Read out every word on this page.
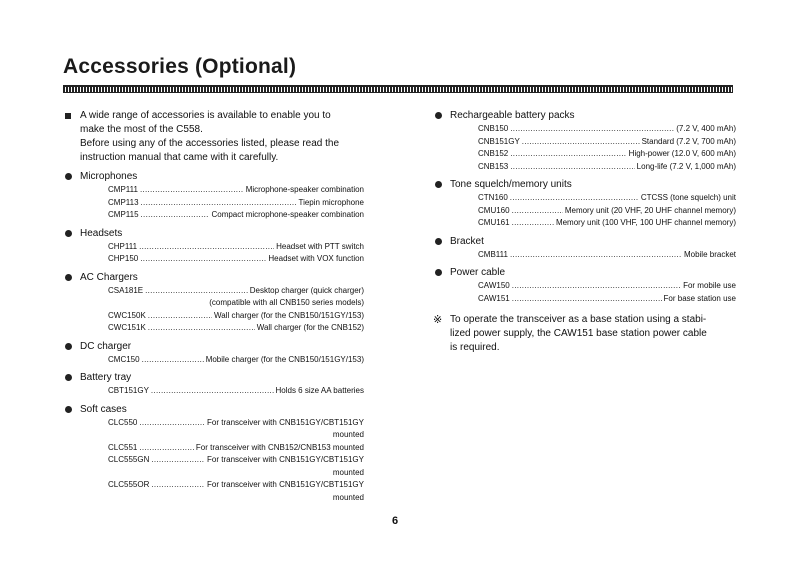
Accessories (Optional)

A wide range of accessories is available to enable you to

make the most of the C558.

Before using any of the accessories listed, please read the

instruction manual that came with it carefully.

Microphones
CMP111 .....	Microphone-speaker combination
CMP113 .....	Tiepin microphone
CMP115 .....	Compact microphone-speaker combination
Headsets
CHP111 .....	Headset with PTT switch
CHP150 .....	Headset with VOX function
AC Chargers
CSA181E .....	Desktop charger (quick charger)
(compatible with all CNB150 series models)
CWC150K .....	Wall charger (for the CNB150/151GY/153)
CWC151K .....	Wall charger (for the CNB152)
DC charger
CMC150 .....	Mobile charger (for the CNB150/151GY/153)
Battery tray
CBT151GY .....	Holds 6 size AA batteries
Soft cases
CLC550 .....	For transceiver with CNB151GY/CBT151GY
mounted
CLC551 .....	For transceiver with CNB152/CNB153 mounted
CLC555GN .....	For transceiver with CNB151GY/CBT151GY
mounted
CLC555OR .....	For transceiver with CNB151GY/CBT151GY
mounted
Rechargeable battery packs
CNB150 .....	(7.2 V, 400 mAh)
CNB151GY .....	Standard (7.2 V, 700 mAh)
CNB152 .....	High-power (12.0 V, 600 mAh)
CNB153 .....	Long-life (7.2 V, 1,000 mAh)
Tone squelch/memory units
CTN160 .....	CTCSS (tone squelch) unit
CMU160 .....	Memory unit (20 VHF, 20 UHF channel memory)
CMU161 .....	Memory unit (100 VHF, 100 UHF channel memory)
Bracket
CMB111 .....	Mobile bracket
Power cable
CAW150 .....	For mobile use
CAW151 .....	For base station use
※ To operate the transceiver as a base station using a stabi-

lized power supply, the CAW151 base station power cable

is required.

6
